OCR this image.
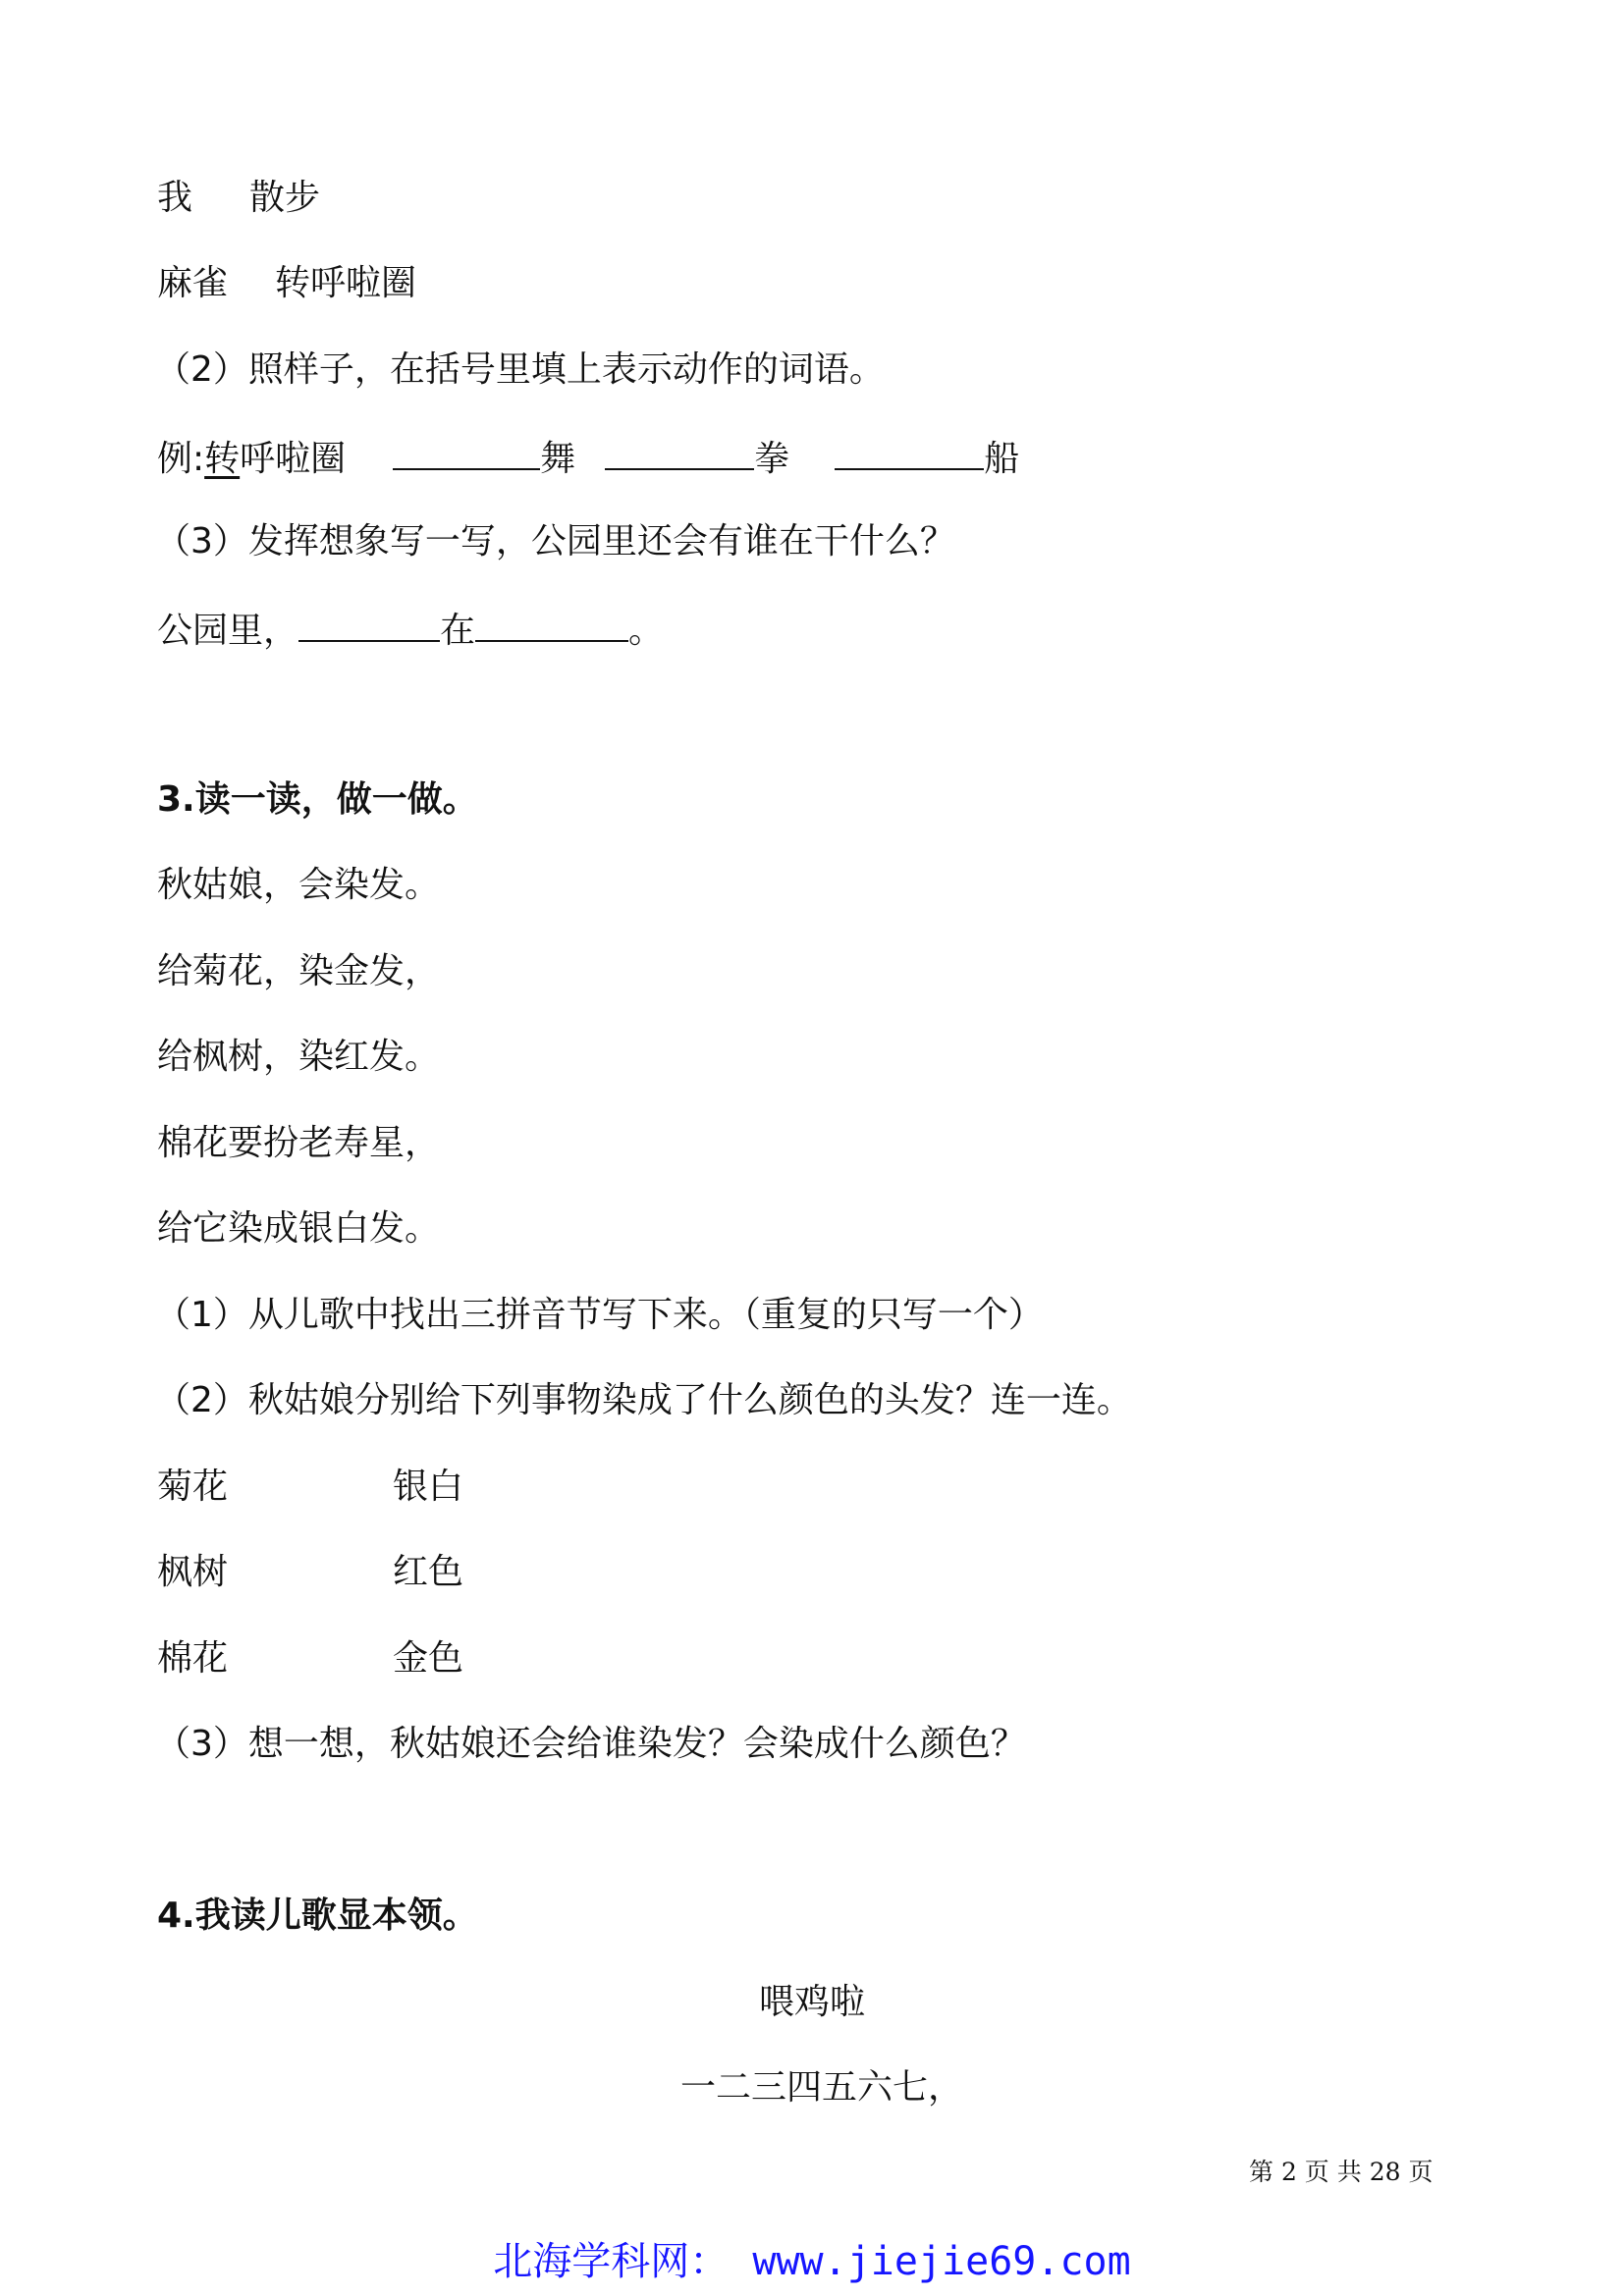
我 散步
麻雀 转呼啦圈
（2）照样子，在括号里填上表示动作的词语。
例:转呼啦圈	舞	拳	船
（3）发挥想象写一写，公园里还会有谁在干什么？
公园里，	在	。
3.读一读，做一做。
秋姑娘，会染发。
给菊花，染金发，
给枫树，染红发。
棉花要扮老寿星，
给它染成银白发。
（1）从儿歌中找出三拼音节写下来。（重复的只写一个）
（2）秋姑娘分别给下列事物染成了什么颜色的头发？连一连。
菊花	银白
枫树	红色
棉花	金色
（3）想一想，秋姑娘还会给谁染发？会染成什么颜色？
4.我读儿歌显本领。
喂鸡啦
一二三四五六七，
第 2 页 共 28 页
北海学科网： www.jiejie69.com
